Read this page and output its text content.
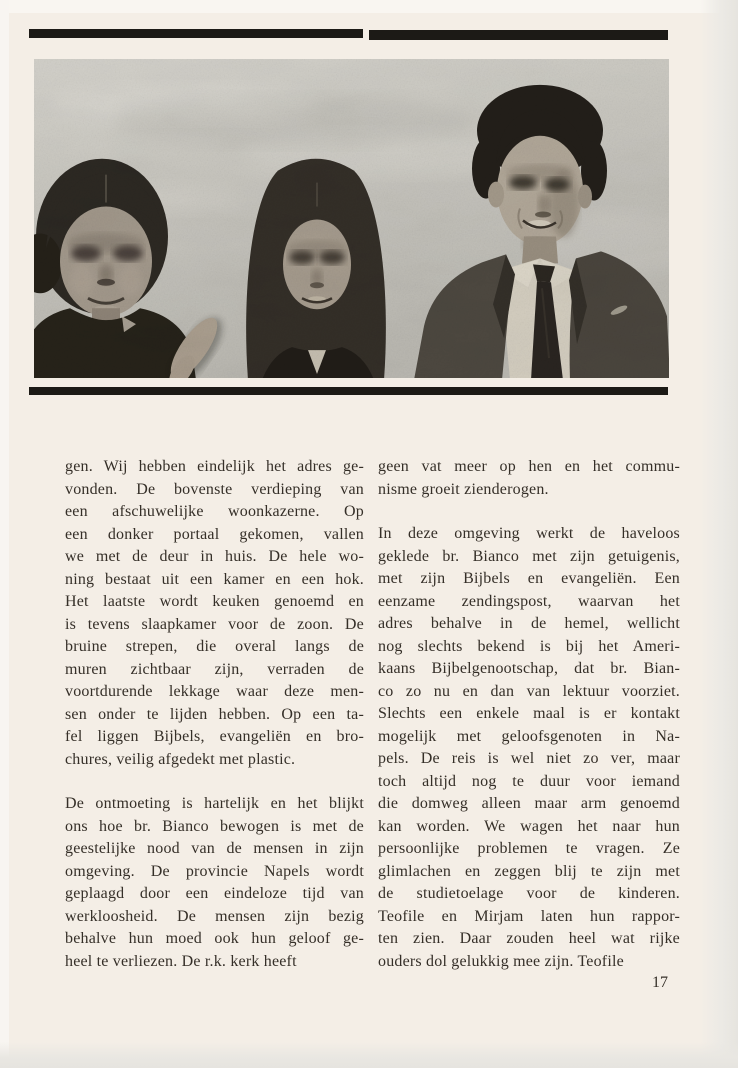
gen. Wij hebben eindelijk het adres ge-
vonden. De bovenste verdieping van
een afschuwelijke woonkazerne. Op
een donker portaal gekomen, vallen
we met de deur in huis. De hele wo-
ning bestaat uit een kamer en een hok.
Het laatste wordt keuken genoemd en
is tevens slaapkamer voor de zoon. De
bruine strepen, die overal langs de
muren zichtbaar zijn, verraden de
voortdurende lekkage waar deze men-
sen onder te lijden hebben. Op een ta-
fel liggen Bijbels, evangeliën en bro-
chures, veilig afgedekt met plastic.
De ontmoeting is hartelijk en het blijkt
ons hoe br. Bianco bewogen is met de
geestelijke nood van de mensen in zijn
omgeving. De provincie Napels wordt
geplaagd door een eindeloze tijd van
werkloosheid. De mensen zijn bezig
behalve hun moed ook hun geloof ge-
heel te verliezen. De r.k. kerk heeft
geen vat meer op hen en het commu-
nisme groeit zienderogen.
In deze omgeving werkt de haveloos
geklede br. Bianco met zijn getuigenis,
met zijn Bijbels en evangeliën. Een
eenzame zendingspost, waarvan het
adres behalve in de hemel, wellicht
nog slechts bekend is bij het Ameri-
kaans Bijbelgenootschap, dat br. Bian-
co zo nu en dan van lektuur voorziet.
Slechts een enkele maal is er kontakt
mogelijk met geloofsgenoten in Na-
pels. De reis is wel niet zo ver, maar
toch altijd nog te duur voor iemand
die domweg alleen maar arm genoemd
kan worden. We wagen het naar hun
persoonlijke problemen te vragen. Ze
glimlachen en zeggen blij te zijn met
de studietoelage voor de kinderen.
Teofile en Mirjam laten hun rappor-
ten zien. Daar zouden heel wat rijke
ouders dol gelukkig mee zijn. Teofile
17
